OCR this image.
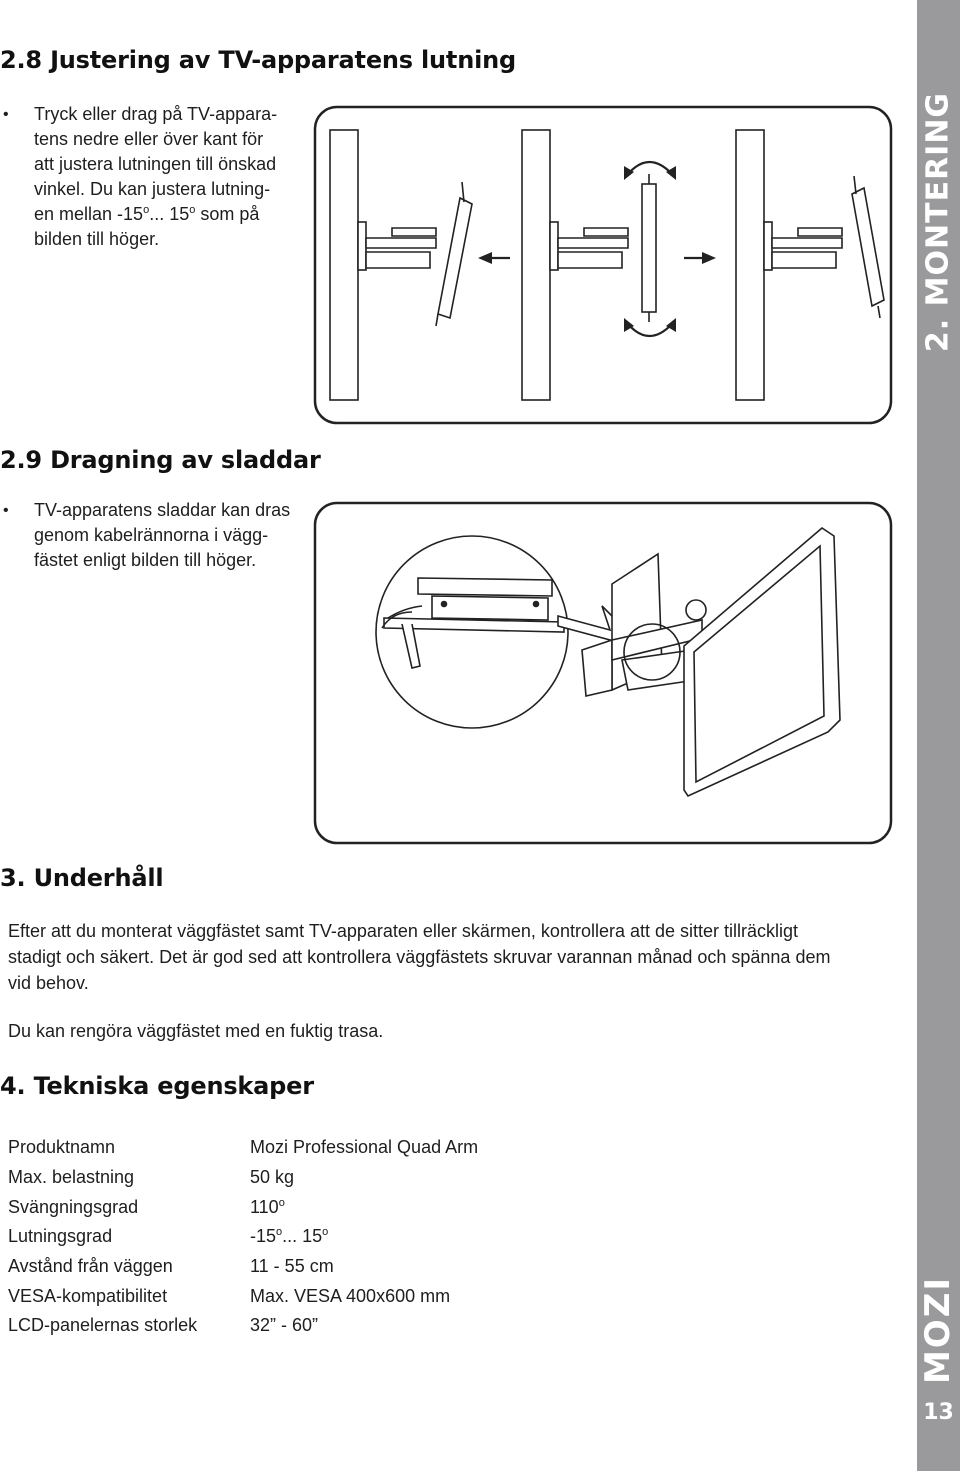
2.8 Justering av TV-apparatens lutning
• Tryck eller drag på TV-appara-
tens nedre eller över kant för
att justera lutningen till önskad
vinkel. Du kan justera lutning-
en mellan -15$^o$... 15$^o$ som på
bilden till höger.
2.9 Dragning av sladdar
• TV-apparatens sladdar kan dras
genom kabelrännorna i vägg-
fästet enligt bilden till höger.
3. Underhåll
Efter att du monterat väggfästet samt TV-apparaten eller skärmen, kontrollera att de sitter tillräckligt
stadigt och säkert. Det är god sed att kontrollera väggfästets skruvar varannan månad och spänna dem
vid behov.
Du kan rengöra väggfästet med en fuktig trasa.
4. Tekniska egenskaper
Produktnamn	Mozi Professional Quad Arm
Max. belastning	50 kg
Svängningsgrad	110$^o$
Lutningsgrad	-15$^o$... 15$^o$
Avstånd från väggen	11 - 55 cm
VESA-kompatibilitet	Max. VESA 400x600 mm
LCD-panelernas storlek	32” - 60”
2. MONTERING
MOZI
13
